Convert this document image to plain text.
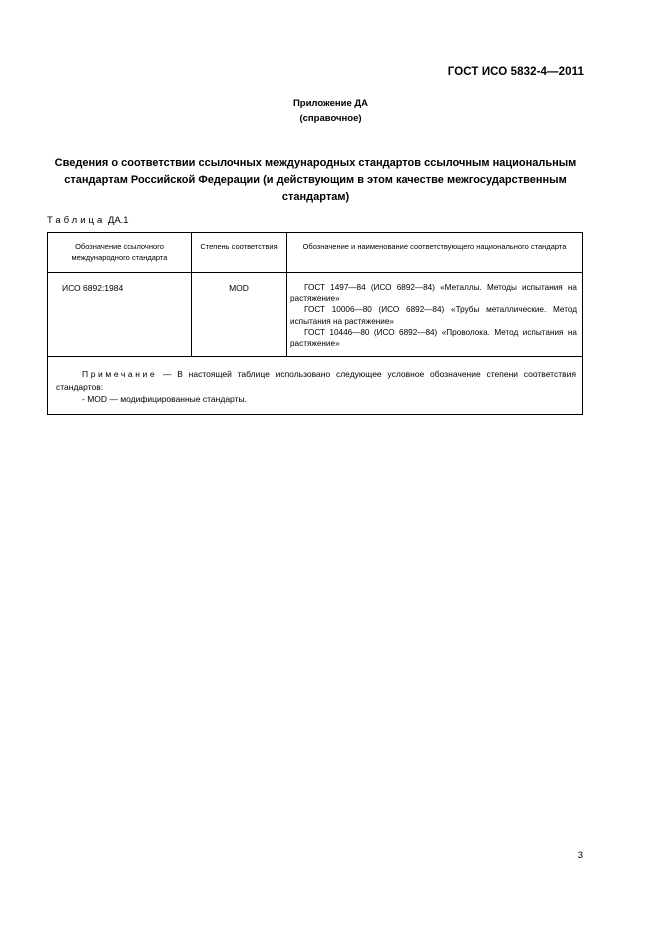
ГОСТ ИСО 5832-4—2011
Приложение ДА
(справочное)
Сведения о соответствии ссылочных международных стандартов ссылочным национальным стандартам Российской Федерации (и действующим в этом качестве межгосударственным стандартам)
Таблица ДА.1
Обозначение ссылочного международного стандарта	Степень соответствия	Обозначение и наименование соответствующего национального стандарта
ИСО 6892:1984	MOD	ГОСТ 1497—84 (ИСО 6892—84) «Металлы. Методы испытания на растяжение»
ГОСТ 10006—80 (ИСО 6892—84) «Трубы металлические. Метод испытания на растяжение»
ГОСТ 10446—80 (ИСО 6892—84) «Проволока. Метод испытания на растяжение»

Примечание — В настоящей таблице использовано следующее условное обозначение степени соответствия стандартов:
- MOD — модифицированные стандарты.		
3
